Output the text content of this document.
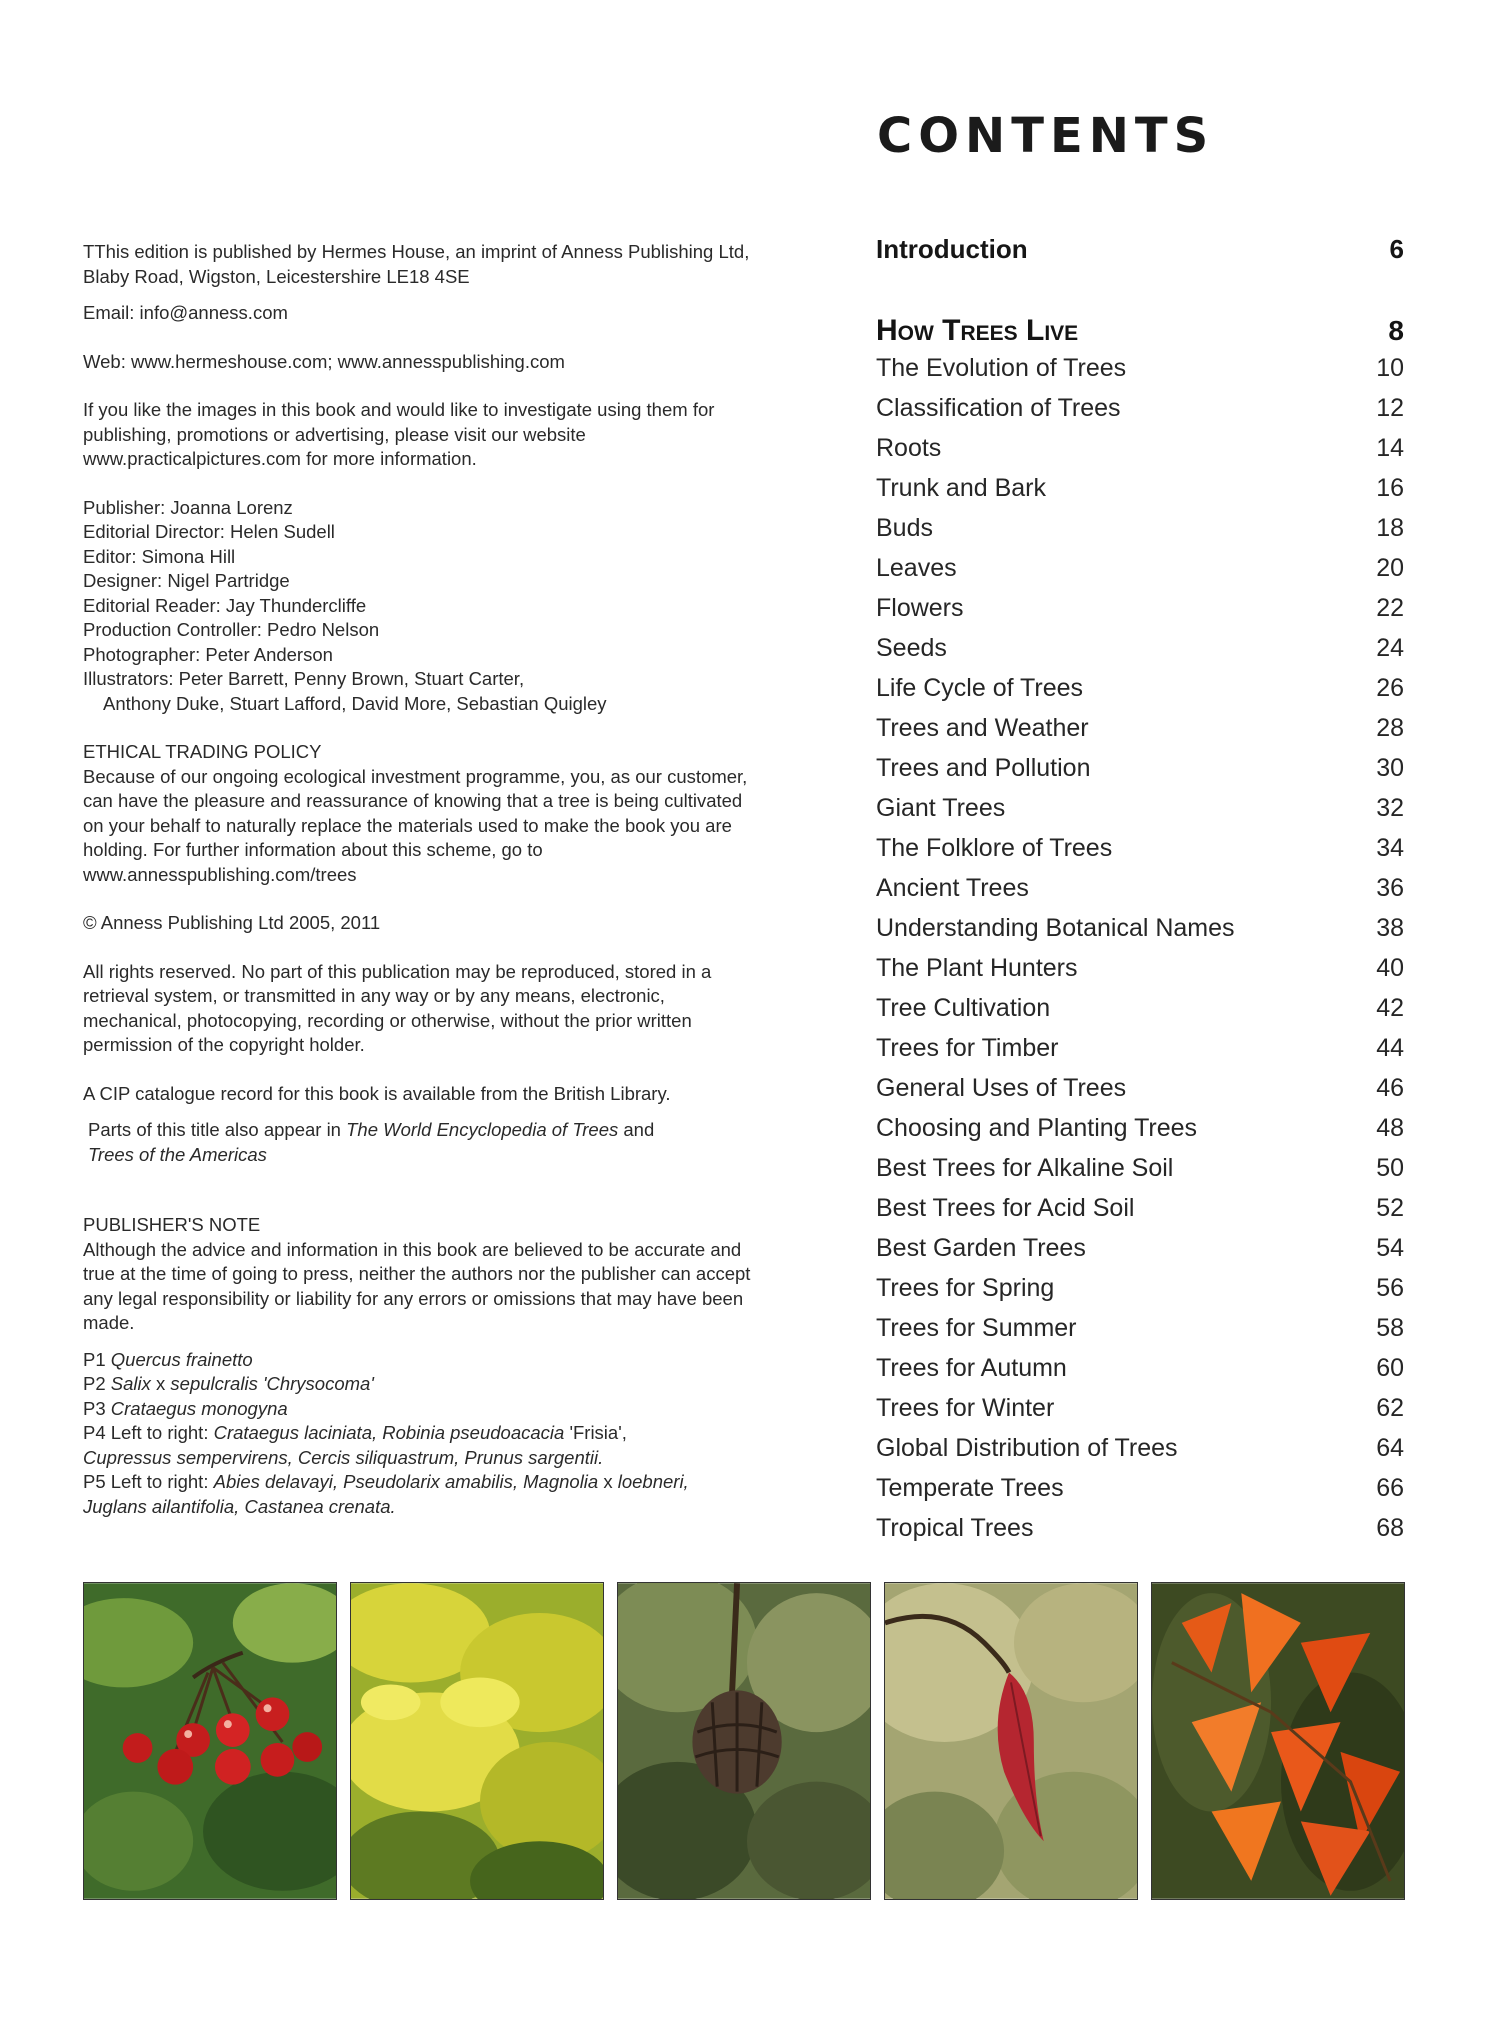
CONTENTS

TThis edition is published by Hermes House, an imprint of Anness Publishing Ltd,

Blaby Road, Wigston, Leicestershire LE18 4SE

Email: info@anness.com

Web: www.hermeshouse.com; www.annesspublishing.com

If you like the images in this book and would like to investigate using them for

publishing, promotions or advertising, please visit our website

www.practicalpictures.com for more information.

Publisher: Joanna Lorenz

Editorial Director: Helen Sudell

Editor: Simona Hill

Designer: Nigel Partridge

Editorial Reader: Jay Thundercliffe

Production Controller: Pedro Nelson

Photographer: Peter Anderson

Illustrators: Peter Barrett, Penny Brown, Stuart Carter,

Anthony Duke, Stuart Lafford, David More, Sebastian Quigley

ETHICAL TRADING POLICY

Because of our ongoing ecological investment programme, you, as our customer,

can have the pleasure and reassurance of knowing that a tree is being cultivated

on your behalf to naturally replace the materials used to make the book you are

holding. For further information about this scheme, go to

www.annesspublishing.com/trees

© Anness Publishing Ltd 2005, 2011

All rights reserved. No part of this publication may be reproduced, stored in a

retrieval system, or transmitted in any way or by any means, electronic,

mechanical, photocopying, recording or otherwise, without the prior written

permission of the copyright holder.

A CIP catalogue record for this book is available from the British Library.

Parts of this title also appear in The World Encyclopedia of Trees and

Trees of the Americas

PUBLISHER'S NOTE

Although the advice and information in this book are believed to be accurate and

true at the time of going to press, neither the authors nor the publisher can accept

any legal responsibility or liability for any errors or omissions that may have been

made.

P1 Quercus frainetto

P2 Salix x sepulcralis 'Chrysocoma'

P3 Crataegus monogyna

P4 Left to right: Crataegus laciniata, Robinia pseudoacacia 'Frisia',

Cupressus sempervirens, Cercis siliquastrum, Prunus sargentii.

P5 Left to right: Abies delavayi, Pseudolarix amabilis, Magnolia x loebneri,

Juglans ailantifolia, Castanea crenata.

Introduction	6
How Trees Live	8
The Evolution of Trees	10
Classification of Trees	12
Roots	14
Trunk and Bark	16
Buds	18
Leaves	20
Flowers	22
Seeds	24
Life Cycle of Trees	26
Trees and Weather	28
Trees and Pollution	30
Giant Trees	32
The Folklore of Trees	34
Ancient Trees	36
Understanding Botanical Names	38
The Plant Hunters	40
Tree Cultivation	42
Trees for Timber	44
General Uses of Trees	46
Choosing and Planting Trees	48
Best Trees for Alkaline Soil	50
Best Trees for Acid Soil	52
Best Garden Trees	54
Trees for Spring	56
Trees for Summer	58
Trees for Autumn	60
Trees for Winter	62
Global Distribution of Trees	64
Temperate Trees	66
Tropical Trees	68
